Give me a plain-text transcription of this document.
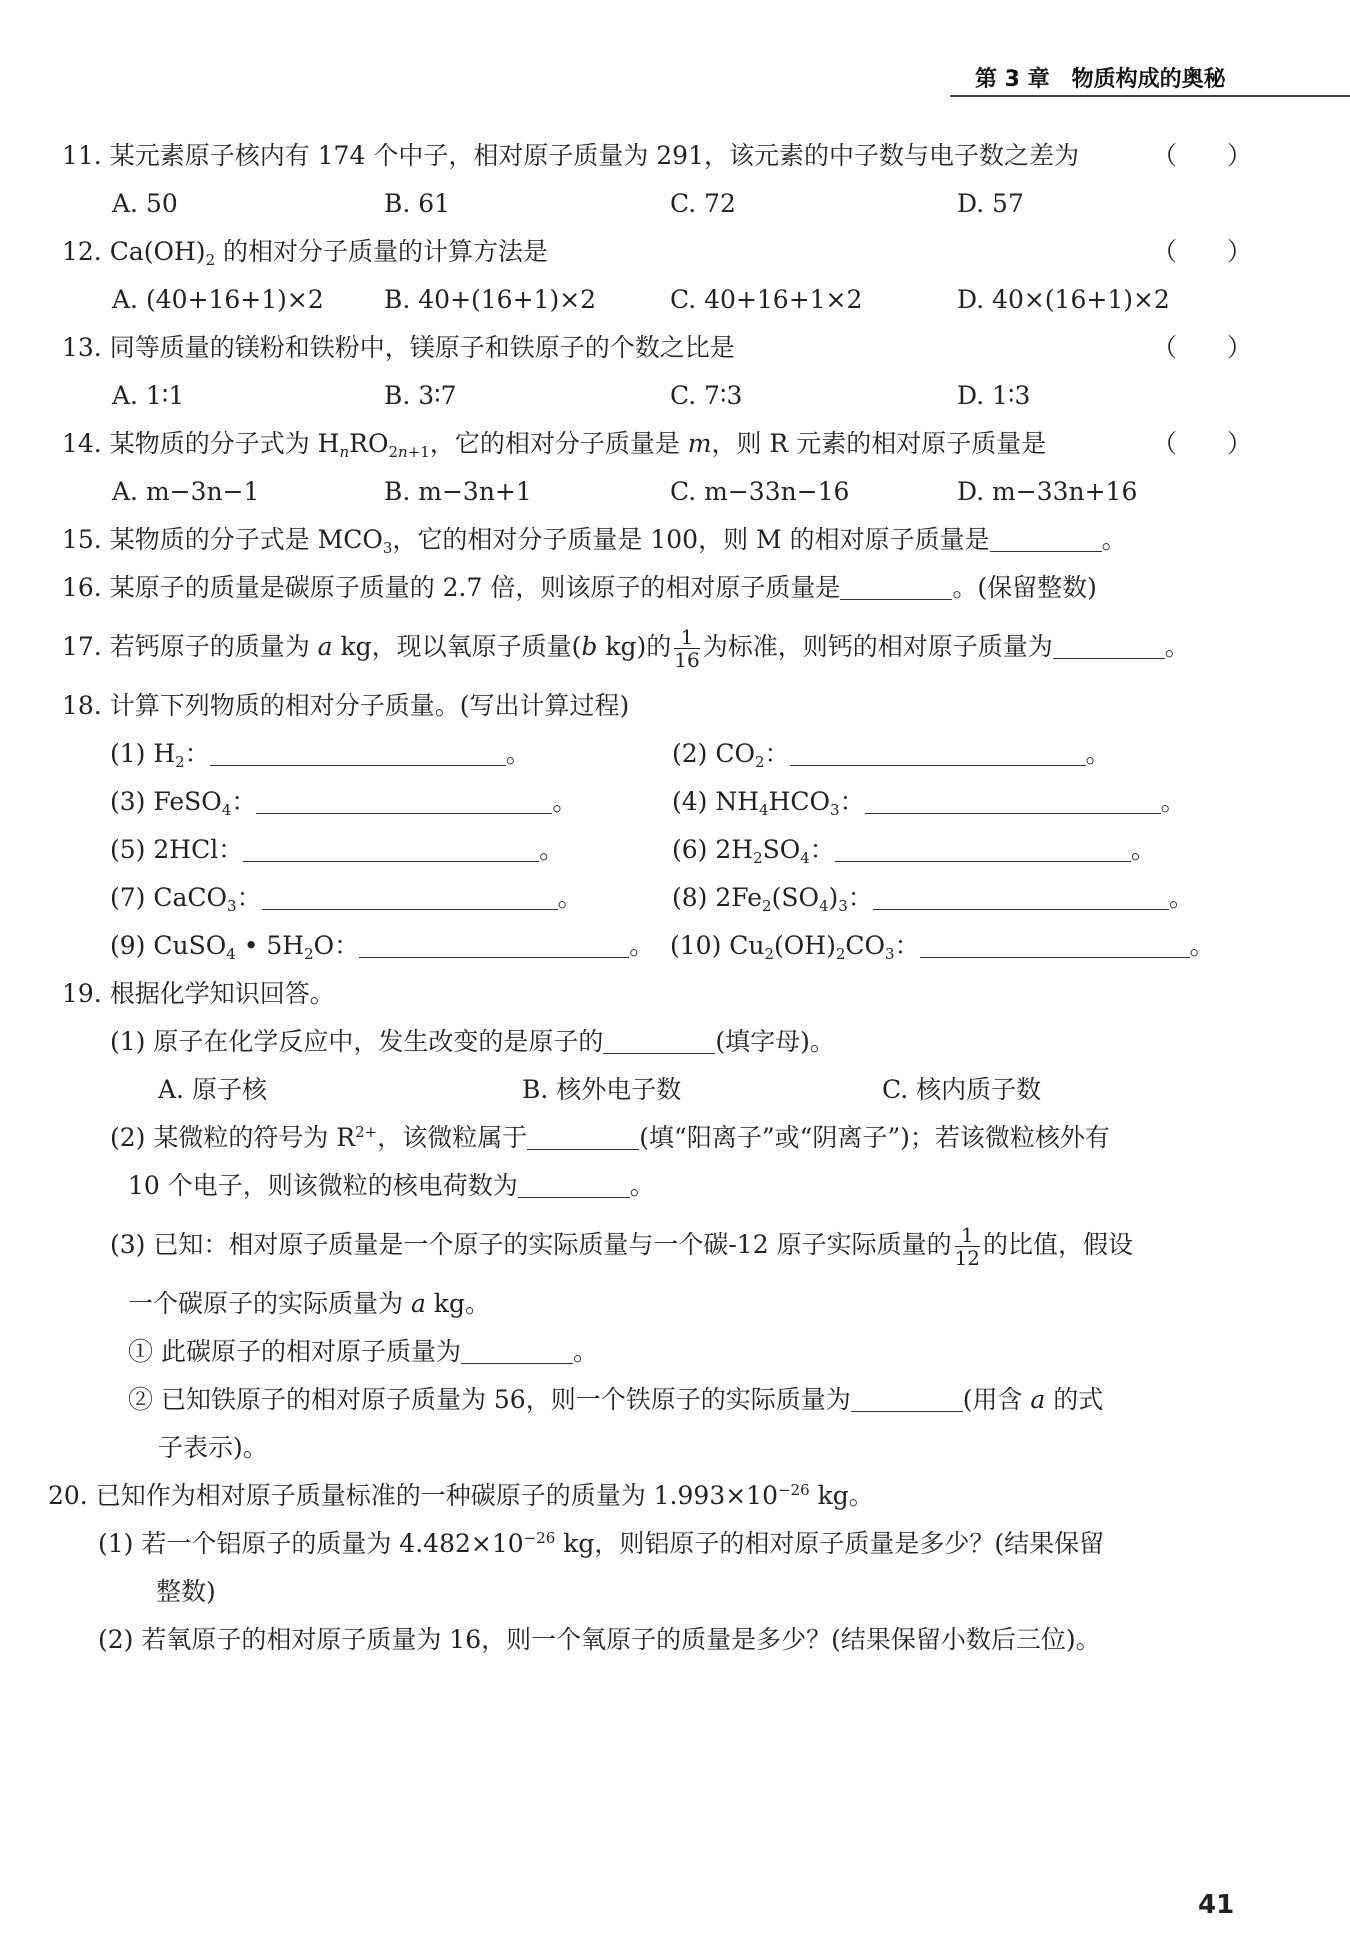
第 3 章　物质构成的奥秘
11. 某元素原子核内有 174 个中子，相对原子质量为 291，该元素的中子数与电子数之差为	（　　）
A. 50	B. 61	C. 72	D. 57
12. $Ca(OH)_2$ 的相对分子质量的计算方法是	（　　）
A. (40+16+1)×2 B. 40+(16+1)×2	C. 40+16+1×2	D. 40×(16+1)×2
13. 同等质量的镁粉和铁粉中，镁原子和铁原子的个数之比是	（　　）
A. 1∶1	B. 3∶7	C. 7∶3	D. 1∶3
14. 某物质的分子式为 $H_nRO_{2n+1}$，它的相对分子质量是 m，则 R 元素的相对原子质量是	（　　）
A. m−3n−1	B. m−3n+1	C. m−33n−16	D. m−33n+16
15. 某物质的分子式是 $MCO_3$，它的相对分子质量是 100，则 M 的相对原子质量是	。
16. 某原子的质量是碳原子质量的 2.7 倍，则该原子的相对原子质量是	。(保留整数)
17. 若钙原子的质量为 a kg，现以氧原子质量(b kg)的 $\frac{1}{16}$ 为标准，则钙的相对原子质量为	。
18. 计算下列物质的相对分子质量。(写出计算过程)
(1) $H_2$：	。	(2) $CO_2$：	。
(3) FeSO$_4$：	。	(4) $NH_4HCO_3$：	。
(5) 2HCl：	。	(6) $2H_2SO_4$：	。
(7) CaCO$_3$：	。	(8) $2Fe_2(SO_4)_3$：	。
(9) CuSO$_4$ • $5H_2O$：	。 (10) $Cu_2(OH)_2CO_3$：	。
19. 根据化学知识回答。
(1) 原子在化学反应中，发生改变的是原子的	(填字母)。
A. 原子核	B. 核外电子数	C. 核内质子数
(2) 某微粒的符号为 $R^{2+}$，该微粒属于	(填“阳离子”或“阴离子”)；若该微粒核外有
10 个电子，则该微粒的核电荷数为	。
(3) 已知：相对原子质量是一个原子的实际质量与一个碳-12 原子实际质量的 $\frac{1}{12}$ 的比值，假设
一个碳原子的实际质量为 a kg。
① 此碳原子的相对原子质量为	。
② 已知铁原子的相对原子质量为 56，则一个铁原子的实际质量为	(用含 a 的式
子表示)。
20. 已知作为相对原子质量标准的一种碳原子的质量为 $1.993\times 10^{-26}$ kg。
(1) 若一个铝原子的质量为 $4.482\times 10^{-26}$ kg，则铝原子的相对原子质量是多少？(结果保留
整数)
(2) 若氧原子的相对原子质量为 16，则一个氧原子的质量是多少？(结果保留小数后三位)。
41
